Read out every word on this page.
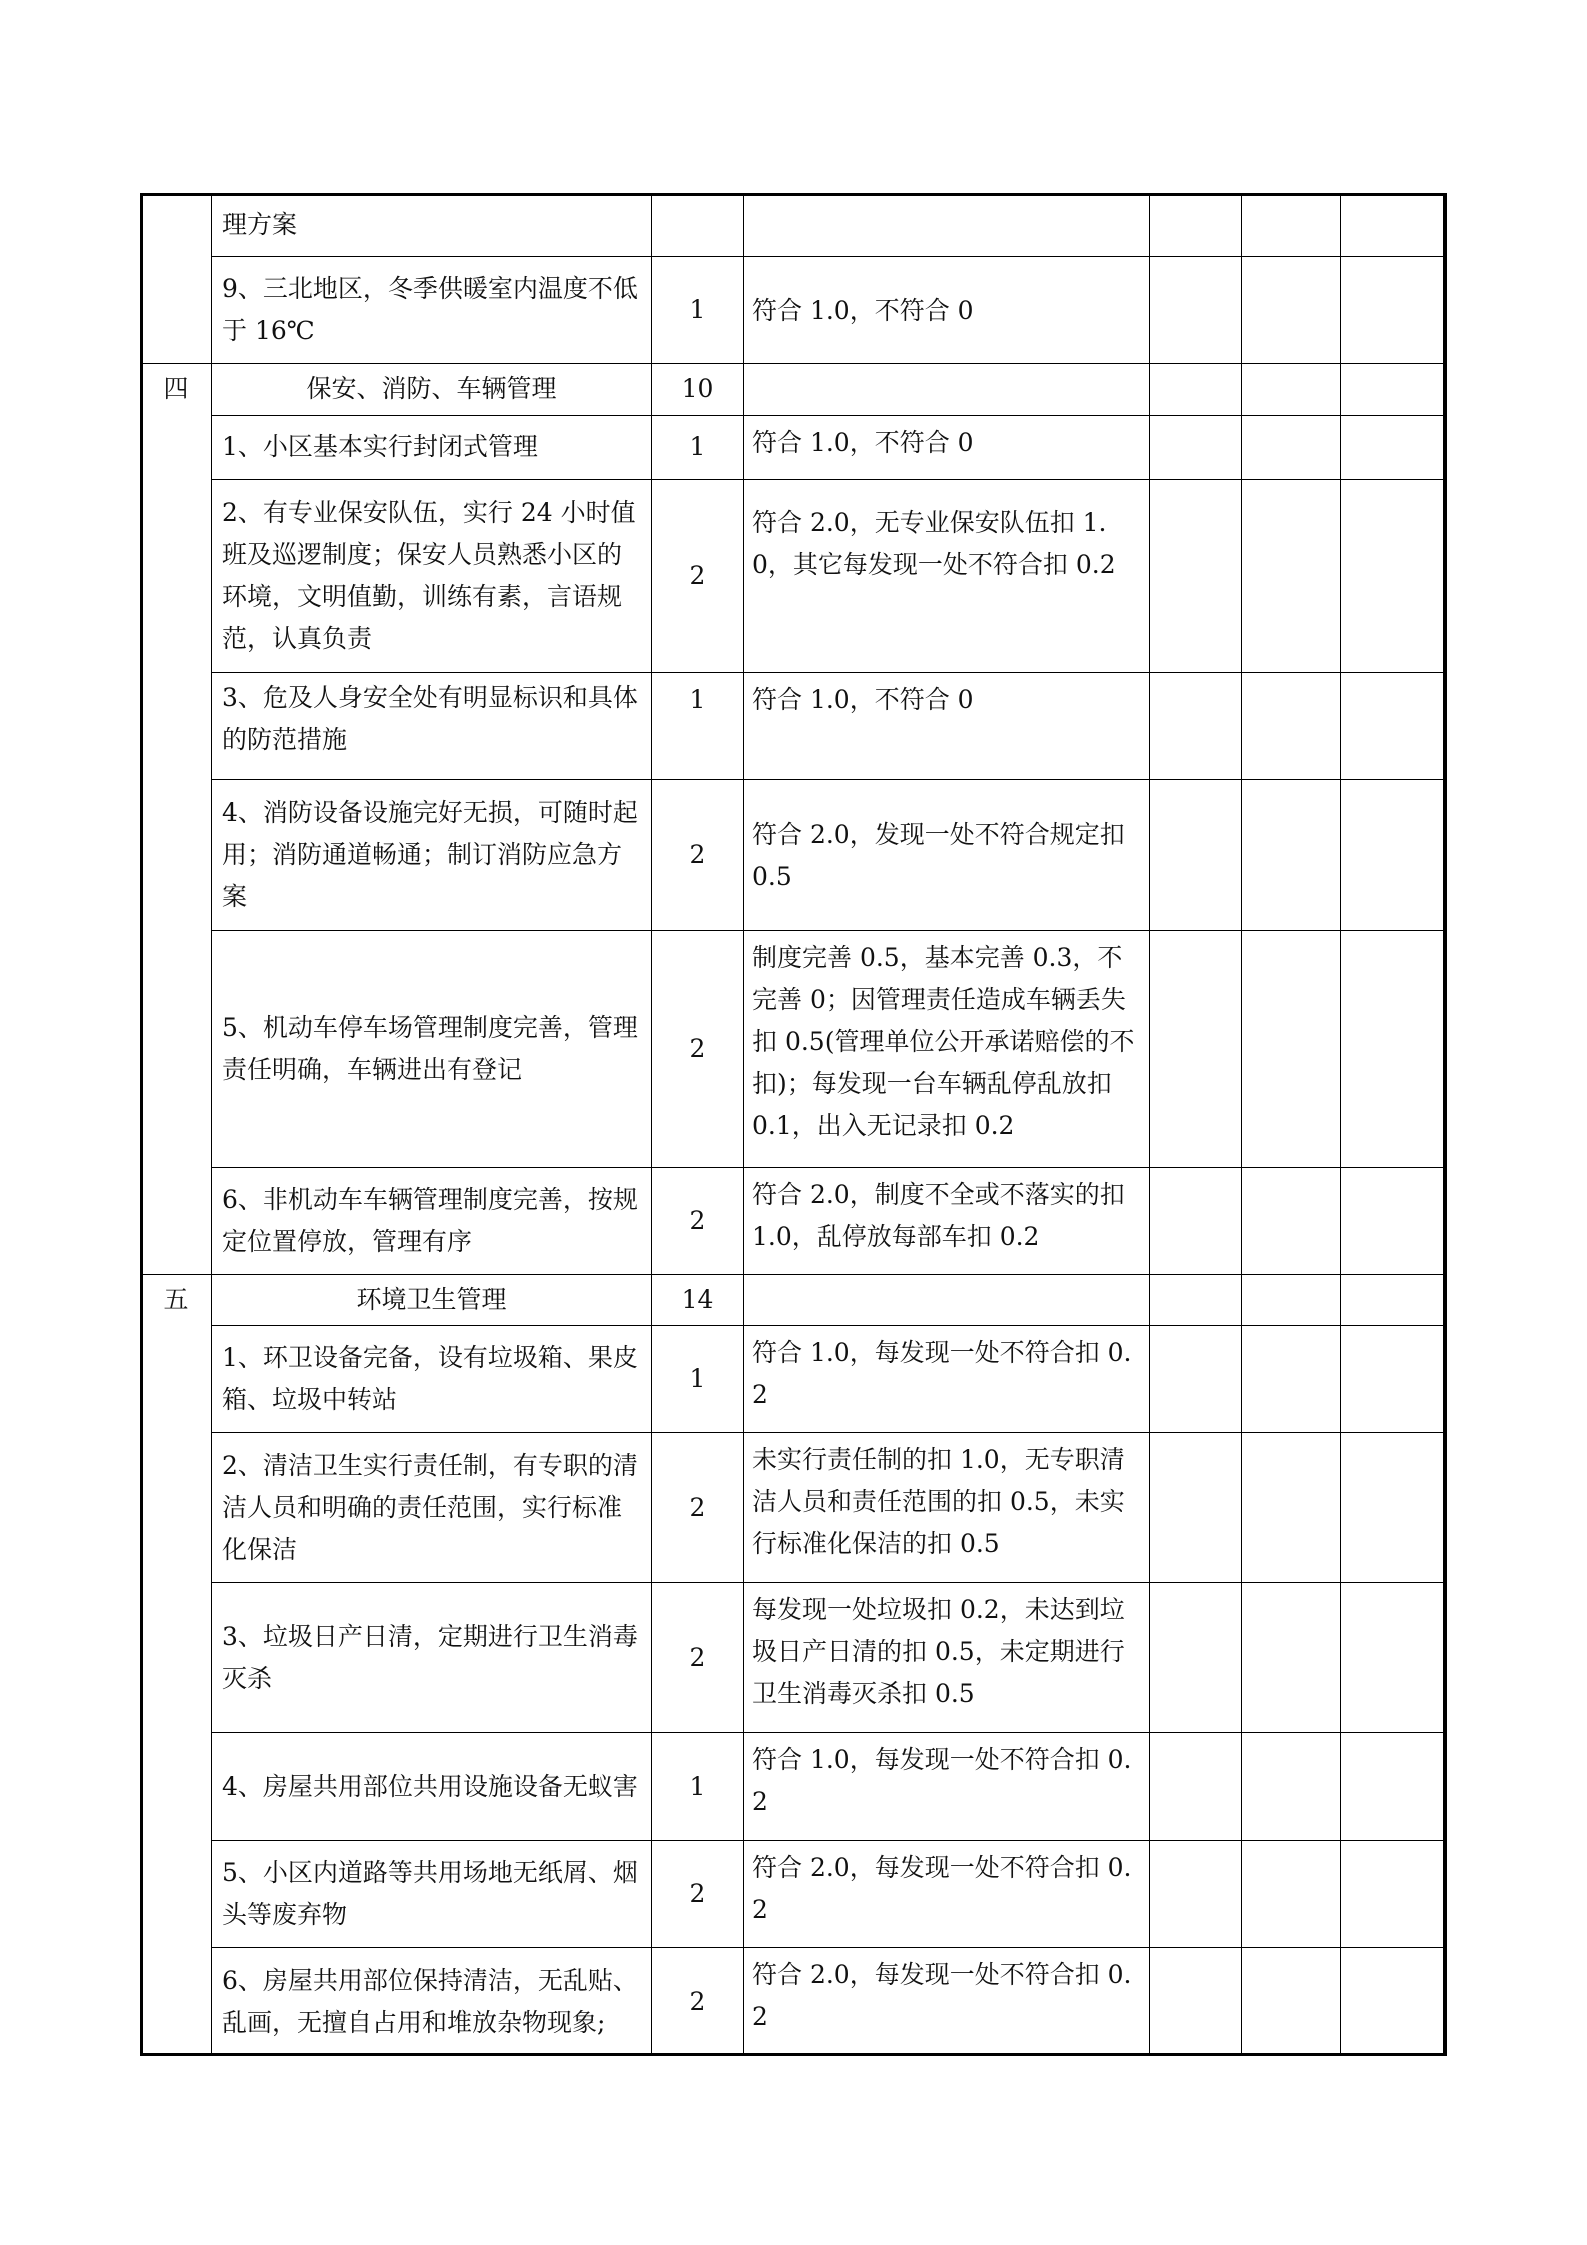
	理方案					
	9、三北地区，冬季供暖室内温度不低于 16℃	1	符合 1.0，不符合 0			
四	保安、消防、车辆管理	10				
	1、小区基本实行封闭式管理	1	符合 1.0，不符合 0			
	2、有专业保安队伍，实行 24 小时值班及巡逻制度；保安人员熟悉小区的环境，文明值勤，训练有素，言语规范，认真负责	2	符合 2.0，无专业保安队伍扣 1.0，其它每发现一处不符合扣 0.2			
	3、危及人身安全处有明显标识和具体的防范措施	1	符合 1.0，不符合 0			
	4、消防设备设施完好无损，可随时起用；消防通道畅通；制订消防应急方案	2	符合 2.0，发现一处不符合规定扣 0.5			
	5、机动车停车场管理制度完善，管理责任明确，车辆进出有登记	2	制度完善 0.5，基本完善 0.3，不完善 0；因管理责任造成车辆丢失扣 0.5(管理单位公开承诺赔偿的不扣)；每发现一台车辆乱停乱放扣 0.1，出入无记录扣 0.2			
	6、非机动车车辆管理制度完善，按规定位置停放，管理有序	2	符合 2.0，制度不全或不落实的扣 1.0，乱停放每部车扣 0.2			
五	环境卫生管理	14				
	1、环卫设备完备，设有垃圾箱、果皮箱、垃圾中转站	1	符合 1.0，每发现一处不符合扣 0.2			
	2、清洁卫生实行责任制，有专职的清洁人员和明确的责任范围，实行标准化保洁	2	未实行责任制的扣 1.0，无专职清洁人员和责任范围的扣 0.5，未实行标准化保洁的扣 0.5			
	3、垃圾日产日清，定期进行卫生消毒灭杀	2	每发现一处垃圾扣 0.2，未达到垃圾日产日清的扣 0.5，未定期进行卫生消毒灭杀扣 0.5			
	4、房屋共用部位共用设施设备无蚁害	1	符合 1.0，每发现一处不符合扣 0.2			
	5、小区内道路等共用场地无纸屑、烟头等废弃物	2	符合 2.0，每发现一处不符合扣 0.2			
	6、房屋共用部位保持清洁，无乱贴、乱画，无擅自占用和堆放杂物现象;	2	符合 2.0，每发现一处不符合扣 0.2			
